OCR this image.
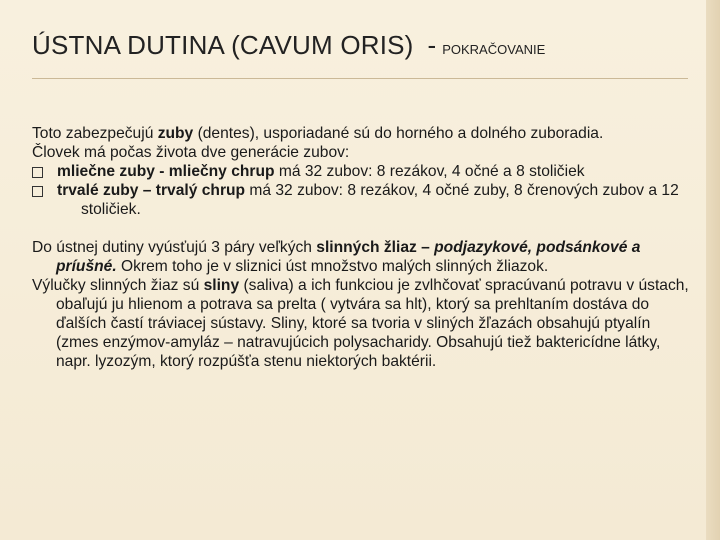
ÚSTNA DUTINA (CAVUM ORIS) - POKRAČOVANIE

Toto zabezpečujú zuby (dentes), usporiadané sú do horného a dolného zuboradia.

Človek má počas života dve generácie zubov:

mliečne zuby - mliečny chrup má 32 zubov: 8 rezákov, 4 očné a 8 stoličiek
trvalé zuby – trvalý chrup má 32 zubov: 8 rezákov, 4 očné zuby, 8 črenových zubov a 12 stoličiek.

Do ústnej dutiny vyúsťujú 3 páry veľkých slinných žliaz – podjazykové, podsánkové a príušné. Okrem toho je v sliznici úst množstvo malých slinných žliazok.

Výlučky slinných žiaz sú sliny (saliva) a ich funkciou je zvlhčovať spracúvanú potravu v ústach, obaľujú ju hlienom a potrava sa prelta ( vytvára sa hlt), ktorý sa prehltaním dostáva do ďalších častí tráviacej sústavy. Sliny, ktoré sa tvoria v sliných žľazách obsahujú ptyalín (zmes enzýmov-amyláz – natravujúcich polysacharidy. Obsahujú tiež baktericídne látky, napr. lyzozým, ktorý rozpúšťa stenu niektorých baktérii.
